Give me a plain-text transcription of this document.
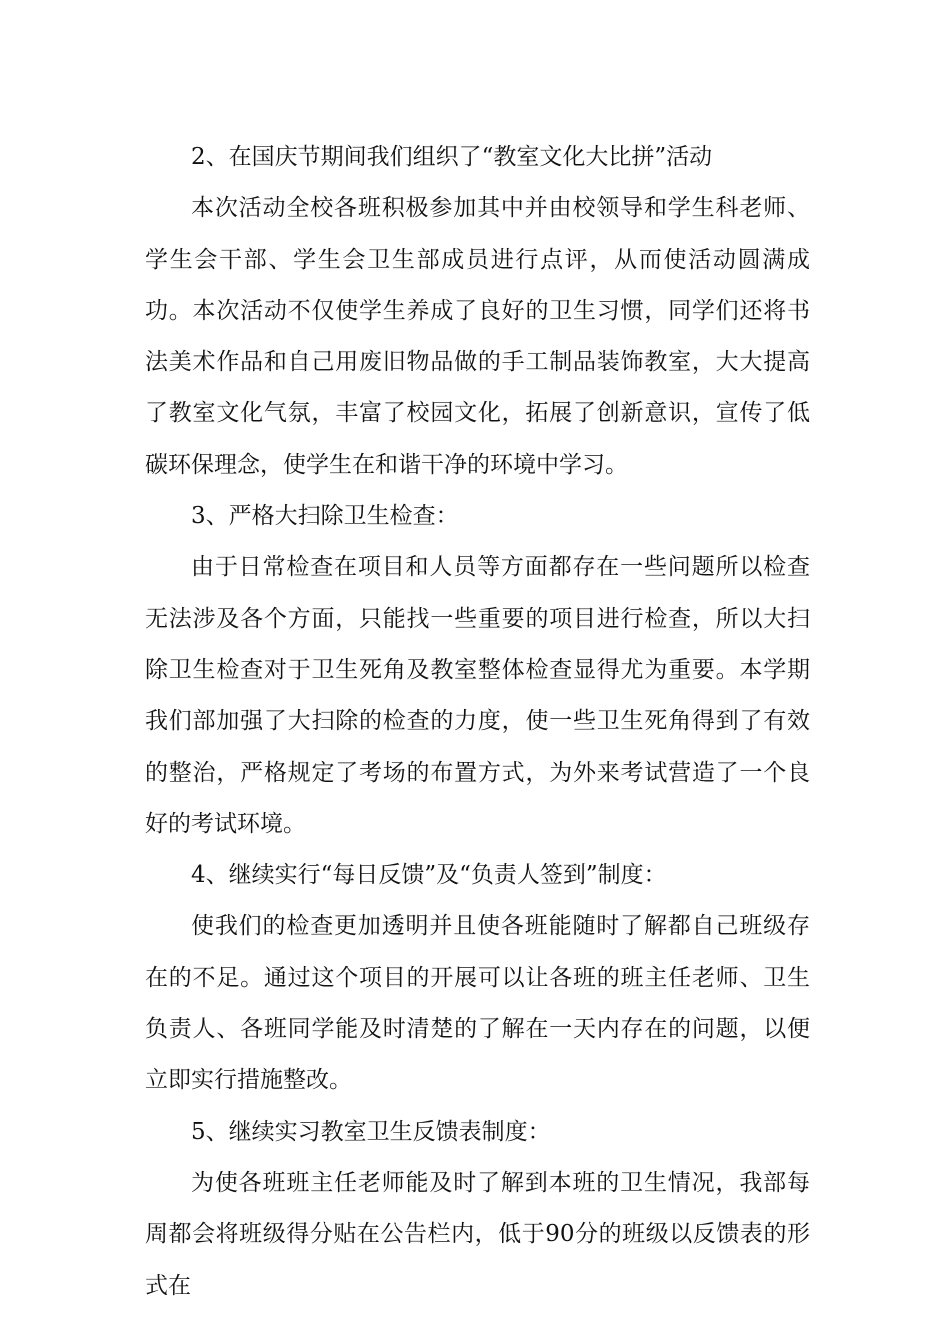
2、在国庆节期间我们组织了“教室文化大比拼”活动

本次活动全校各班积极参加其中并由校领导和学生科老师、学生会干部、学生会卫生部成员进行点评，从而使活动圆满成功。本次活动不仅使学生养成了良好的卫生习惯，同学们还将书法美术作品和自己用废旧物品做的手工制品装饰教室，大大提高了教室文化气氛，丰富了校园文化，拓展了创新意识，宣传了低碳环保理念，使学生在和谐干净的环境中学习。

3、严格大扫除卫生检查：

由于日常检查在项目和人员等方面都存在一些问题所以检查无法涉及各个方面，只能找一些重要的项目进行检查，所以大扫除卫生检查对于卫生死角及教室整体检查显得尤为重要。本学期我们部加强了大扫除的检查的力度，使一些卫生死角得到了有效的整治，严格规定了考场的布置方式，为外来考试营造了一个良好的考试环境。

4、继续实行“每日反馈”及“负责人签到”制度：

使我们的检查更加透明并且使各班能随时了解都自己班级存在的不足。通过这个项目的开展可以让各班的班主任老师、卫生负责人、各班同学能及时清楚的了解在一天内存在的问题，以便立即实行措施整改。

5、继续实习教室卫生反馈表制度：

为使各班班主任老师能及时了解到本班的卫生情况，我部每周都会将班级得分贴在公告栏内，低于90分的班级以反馈表的形式在
